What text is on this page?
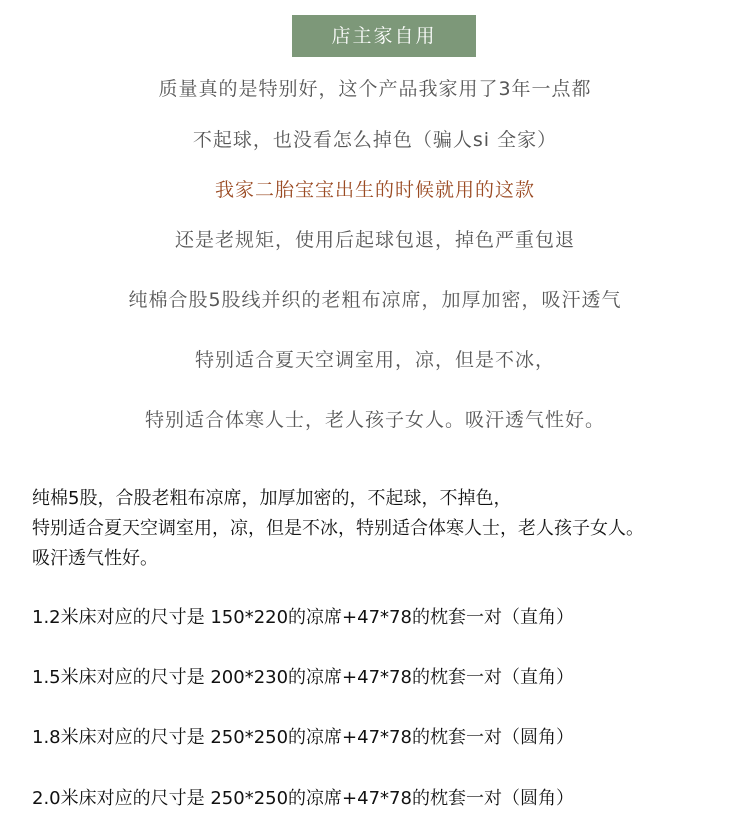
店主家自用
质量真的是特别好，这个产品我家用了3年一点都
不起球，也没看怎么掉色（骗人si 全家）
我家二胎宝宝出生的时候就用的这款
还是老规矩，使用后起球包退，掉色严重包退
纯棉合股5股线并织的老粗布凉席，加厚加密，吸汗透气
特别适合夏天空调室用，凉，但是不冰，
特别适合体寒人士，老人孩子女人。吸汗透气性好。
纯棉5股，合股老粗布凉席，加厚加密的，不起球，不掉色，
特别适合夏天空调室用，凉，但是不冰，特别适合体寒人士，老人孩子女人。
吸汗透气性好。
1.2米床对应的尺寸是 150*220的凉席+47*78的枕套一对（直角）
1.5米床对应的尺寸是 200*230的凉席+47*78的枕套一对（直角）
1.8米床对应的尺寸是 250*250的凉席+47*78的枕套一对（圆角）
2.0米床对应的尺寸是 250*250的凉席+47*78的枕套一对（圆角）
